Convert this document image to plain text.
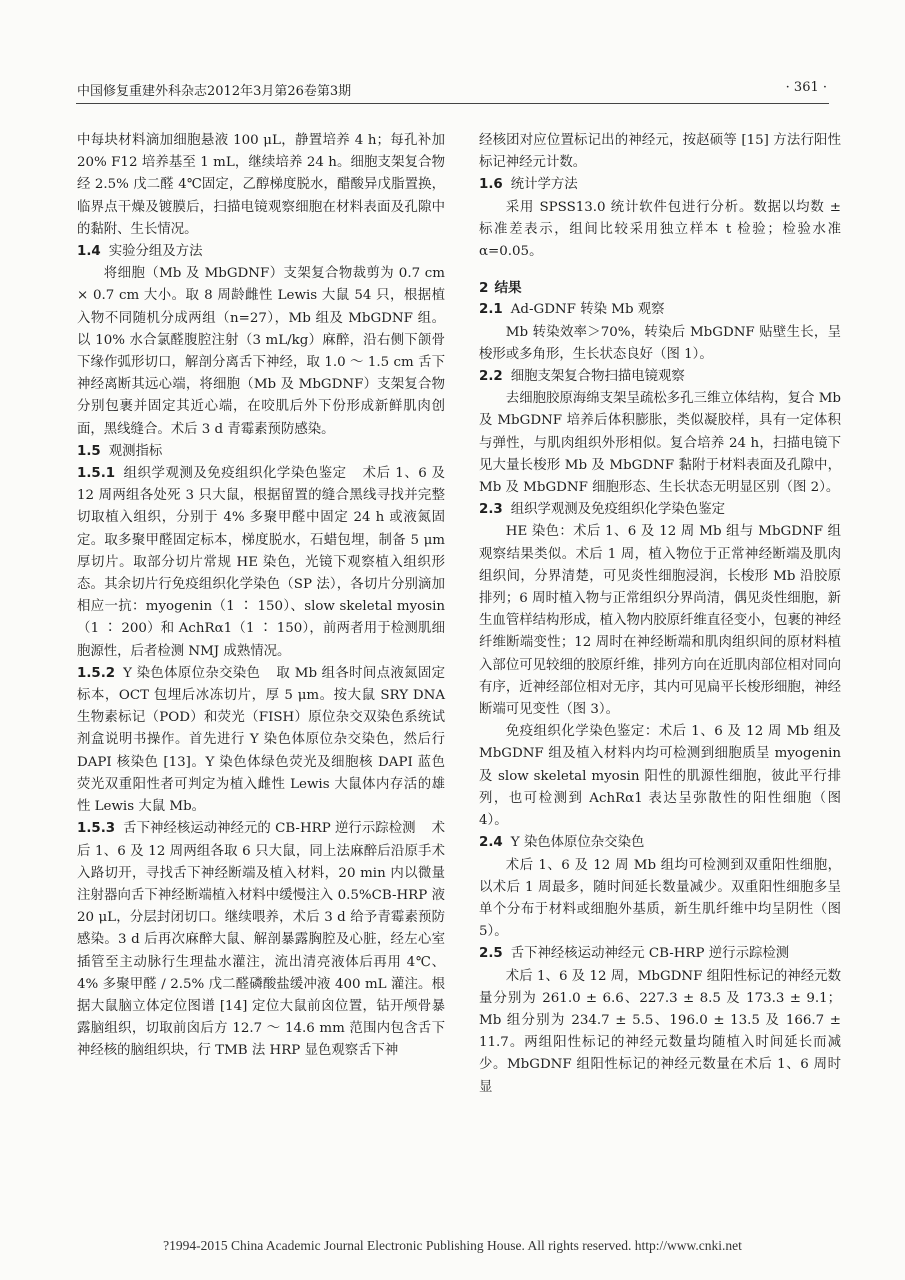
中国修复重建外科杂志2012年3月第26卷第3期	· 361 ·

中每块材料滴加细胞悬液 100 μL，静置培养 4 h；每孔补加 20% F12 培养基至 1 mL，继续培养 24 h。细胞支架复合物经 2.5% 戊二醛 4℃固定，乙醇梯度脱水，醋酸异戊脂置换，临界点干燥及镀膜后，扫描电镜观察细胞在材料表面及孔隙中的黏附、生长情况。

1.4 实验分组及方法

将细胞（Mb 及 MbGDNF）支架复合物裁剪为 0.7 cm × 0.7 cm 大小。取 8 周龄雌性 Lewis 大鼠 54 只，根据植入物不同随机分成两组（n=27），Mb 组及 MbGDNF 组。以 10% 水合氯醛腹腔注射（3 mL/kg）麻醉，沿右侧下颌骨下缘作弧形切口，解剖分离舌下神经，取 1.0 ～ 1.5 cm 舌下神经离断其远心端，将细胞（Mb 及 MbGDNF）支架复合物分别包裹并固定其近心端，在咬肌后外下份形成新鲜肌肉创面，黑线缝合。术后 3 d 青霉素预防感染。

1.5 观测指标

1.5.1 组织学观测及免疫组织化学染色鉴定 术后 1、6 及 12 周两组各处死 3 只大鼠，根据留置的缝合黑线寻找并完整切取植入组织，分别于 4% 多聚甲醛中固定 24 h 或液氮固定。取多聚甲醛固定标本，梯度脱水，石蜡包埋，制备 5 μm 厚切片。取部分切片常规 HE 染色，光镜下观察植入组织形态。其余切片行免疫组织化学染色（SP 法），各切片分别滴加相应一抗：myogenin（1 ∶ 150）、slow skeletal myosin（1 ∶ 200）和 AchRα1（1 ∶ 150），前两者用于检测肌细胞源性，后者检测 NMJ 成熟情况。

1.5.2 Y 染色体原位杂交染色 取 Mb 组各时间点液氮固定标本，OCT 包埋后冰冻切片，厚 5 μm。按大鼠 SRY DNA 生物素标记（POD）和荧光（FISH）原位杂交双染色系统试剂盒说明书操作。首先进行 Y 染色体原位杂交染色，然后行 DAPI 核染色 [13]。Y 染色体绿色荧光及细胞核 DAPI 蓝色荧光双重阳性者可判定为植入雌性 Lewis 大鼠体内存活的雄性 Lewis 大鼠 Mb。

1.5.3 舌下神经核运动神经元的 CB-HRP 逆行示踪检测 术后 1、6 及 12 周两组各取 6 只大鼠，同上法麻醉后沿原手术入路切开，寻找舌下神经断端及植入材料，20 min 内以微量注射器向舌下神经断端植入材料中缓慢注入 0.5%CB-HRP 液 20 μL，分层封闭切口。继续喂养，术后 3 d 给予青霉素预防感染。3 d 后再次麻醉大鼠、解剖暴露胸腔及心脏，经左心室插管至主动脉行生理盐水灌注，流出清亮液体后再用 4℃、4% 多聚甲醛 / 2.5% 戊二醛磷酸盐缓冲液 400 mL 灌注。根据大鼠脑立体定位图谱 [14] 定位大鼠前囟位置，钻开颅骨暴露脑组织，切取前囟后方 12.7 ～ 14.6 mm 范围内包含舌下神经核的脑组织块，行 TMB 法 HRP 显色观察舌下神

经核团对应位置标记出的神经元，按赵硕等 [15] 方法行阳性标记神经元计数。

1.6 统计学方法

采用 SPSS13.0 统计软件包进行分析。数据以均数 ± 标准差表示，组间比较采用独立样本 t 检验；检验水准 α=0.05。

2 结果
2.1 Ad-GDNF 转染 Mb 观察

Mb 转染效率＞70%，转染后 MbGDNF 贴壁生长，呈梭形或多角形，生长状态良好（图 1）。

2.2 细胞支架复合物扫描电镜观察

去细胞胶原海绵支架呈疏松多孔三维立体结构，复合 Mb 及 MbGDNF 培养后体积膨胀，类似凝胶样，具有一定体积与弹性，与肌肉组织外形相似。复合培养 24 h，扫描电镜下见大量长梭形 Mb 及 MbGDNF 黏附于材料表面及孔隙中，Mb 及 MbGDNF 细胞形态、生长状态无明显区别（图 2）。

2.3 组织学观测及免疫组织化学染色鉴定

HE 染色：术后 1、6 及 12 周 Mb 组与 MbGDNF 组观察结果类似。术后 1 周，植入物位于正常神经断端及肌肉组织间，分界清楚，可见炎性细胞浸润，长梭形 Mb 沿胶原排列；6 周时植入物与正常组织分界尚清，偶见炎性细胞，新生血管样结构形成，植入物内胶原纤维直径变小，包裹的神经纤维断端变性；12 周时在神经断端和肌肉组织间的原材料植入部位可见较细的胶原纤维，排列方向在近肌肉部位相对同向有序，近神经部位相对无序，其内可见扁平长梭形细胞，神经断端可见变性（图 3）。

免疫组织化学染色鉴定：术后 1、6 及 12 周 Mb 组及 MbGDNF 组及植入材料内均可检测到细胞质呈 myogenin 及 slow skeletal myosin 阳性的肌源性细胞，彼此平行排列，也可检测到 AchRα1 表达呈弥散性的阳性细胞（图 4）。

2.4 Y 染色体原位杂交染色

术后 1、6 及 12 周 Mb 组均可检测到双重阳性细胞，以术后 1 周最多，随时间延长数量减少。双重阳性细胞多呈单个分布于材料或细胞外基质，新生肌纤维中均呈阴性（图 5）。

2.5 舌下神经核运动神经元 CB-HRP 逆行示踪检测

术后 1、6 及 12 周，MbGDNF 组阳性标记的神经元数量分别为 261.0 ± 6.6、227.3 ± 8.5 及 173.3 ± 9.1；Mb 组分别为 234.7 ± 5.5、196.0 ± 13.5 及 166.7 ± 11.7。两组阳性标记的神经元数量均随植入时间延长而减少。MbGDNF 组阳性标记的神经元数量在术后 1、6 周时显

?1994-2015 China Academic Journal Electronic Publishing House. All rights reserved. http://www.cnki.net
